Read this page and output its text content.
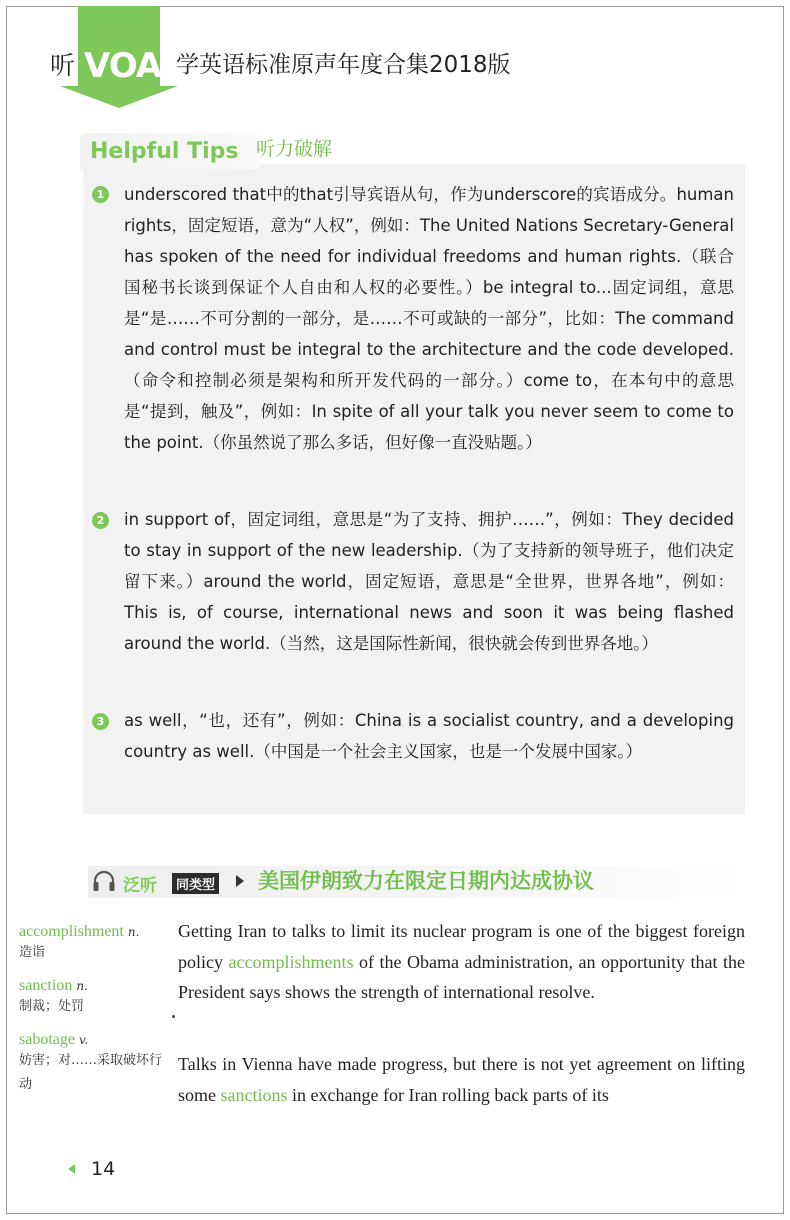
听 VOA 学英语标准原声年度合集2018版
Helpful Tips 听力破解
1 underscored that中的that引导宾语从句，作为underscore的宾语成分。human rights，固定短语，意为“人权”，例如：The United Nations Secretary-General has spoken of the need for individual freedoms and human rights.（联合国秘书长谈到保证个人自由和人权的必要性。）be integral to...固定词组，意思是“是……不可分割的一部分，是……不可或缺的一部分”，比如：The command and control must be integral to the architecture and the code developed.（命令和控制必须是架构和所开发代码的一部分。）come to，在本句中的意思是“提到，触及”，例如：In spite of all your talk you never seem to come to the point.（你虽然说了那么多话，但好像一直没贴题。）
2 in support of，固定词组，意思是“为了支持、拥护……”，例如：They decided to stay in support of the new leadership.（为了支持新的领导班子，他们决定留下来。）around the world，固定短语，意思是“全世界，世界各地”，例如：This is, of course, international news and soon it was being flashed around the world.（当然，这是国际性新闻，很快就会传到世界各地。）
3 as well，“也，还有”，例如：China is a socialist country, and a developing country as well.（中国是一个社会主义国家，也是一个发展中国家。）
泛听	同类型 美国伊朗致力在限定日期内达成协议
accomplishment n.
造诣
sanction n.
制裁；处罚
sabotage v.
妨害；对……采取破坏行动
Getting Iran to talks to limit its nuclear program is one of the biggest foreign policy accomplishments of the Obama administration, an opportunity that the President says shows the strength of international resolve.
Talks in Vienna have made progress, but there is not yet agreement on lifting some sanctions in exchange for Iran rolling back parts of its
14
